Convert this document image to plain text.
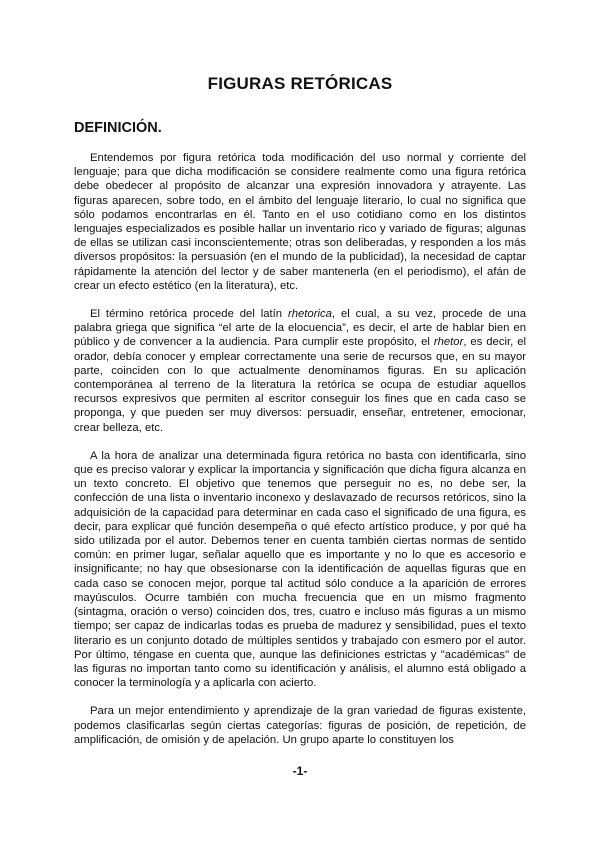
FIGURAS RETÓRICAS
DEFINICIÓN.

Entendemos por figura retórica toda modificación del uso normal y corriente del lenguaje; para que dicha modificación se considere realmente como una figura retórica debe obedecer al propósito de alcanzar una expresión innovadora y atrayente. Las figuras aparecen, sobre todo, en el ámbito del lenguaje literario, lo cual no significa que sólo podamos encontrarlas en él. Tanto en el uso cotidiano como en los distintos lenguajes especializados es posible hallar un inventario rico y variado de figuras; algunas de ellas se utilizan casi inconscientemente; otras son deliberadas, y responden a los más diversos propósitos: la persuasión (en el mundo de la publicidad), la necesidad de captar rápidamente la atención del lector y de saber mantenerla (en el periodismo), el afán de crear un efecto estético (en la literatura), etc.

El término retórica procede del latín rhetorica, el cual, a su vez, procede de una palabra griega que significa “el arte de la elocuencia”, es decir, el arte de hablar bien en público y de convencer a la audiencia. Para cumplir este propósito, el rhetor, es decir, el orador, debía conocer y emplear correctamente una serie de recursos que, en su mayor parte, coinciden con lo que actualmente denominamos figuras. En su aplicación contemporánea al terreno de la literatura la retórica se ocupa de estudiar aquellos recursos expresivos que permiten al escritor conseguir los fines que en cada caso se proponga, y que pueden ser muy diversos: persuadir, enseñar, entretener, emocionar, crear belleza, etc.

A la hora de analizar una determinada figura retórica no basta con identificarla, sino que es preciso valorar y explicar la importancia y significación que dicha figura alcanza en un texto concreto. El objetivo que tenemos que perseguir no es, no debe ser, la confección de una lista o inventario inconexo y deslavazado de recursos retóricos, sino la adquisición de la capacidad para determinar en cada caso el significado de una figura, es decir, para explicar qué función desempeña o qué efecto artístico produce, y por qué ha sido utilizada por el autor. Debemos tener en cuenta también ciertas normas de sentido común: en primer lugar, señalar aquello que es importante y no lo que es accesorio e insignificante; no hay que obsesionarse con la identificación de aquellas figuras que en cada caso se conocen mejor, porque tal actitud sólo conduce a la aparición de errores mayúsculos. Ocurre también con mucha frecuencia que en un mismo fragmento (sintagma, oración o verso) coinciden dos, tres, cuatro e incluso más figuras a un mismo tiempo; ser capaz de indicarlas todas es prueba de madurez y sensibilidad, pues el texto literario es un conjunto dotado de múltiples sentidos y trabajado con esmero por el autor. Por último, téngase en cuenta que, aunque las definiciones estrictas y "académicas" de las figuras no importan tanto como su identificación y análisis, el alumno está obligado a conocer la terminología y a aplicarla con acierto.

Para un mejor entendimiento y aprendizaje de la gran variedad de figuras existente, podemos clasificarlas según ciertas categorías: figuras de posición, de repetición, de amplificación, de omisión y de apelación. Un grupo aparte lo constituyen los

-1-
